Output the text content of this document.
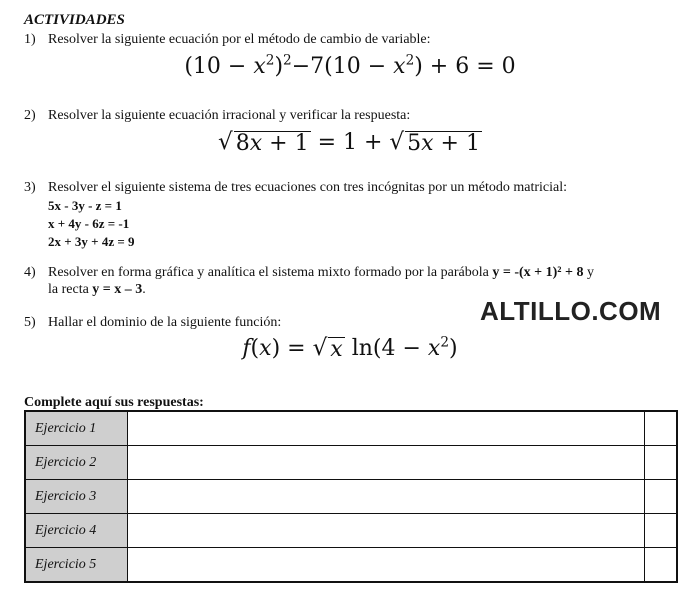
ACTIVIDADES
1) Resolver la siguiente ecuación por el método de cambio de variable:
$(10 - x^2)^2-7(10 - x^2) + 6 = 0$
2) Resolver la siguiente ecuación irracional y verificar la respuesta:
√ 8x + 1 = 1 + √ 5x + 1
3) Resolver el siguiente sistema de tres ecuaciones con tres incógnitas por un método matricial:
5x - 3y - z = 1
x + 4y - 6z = -1
2x + 3y + 4z = 9
4) Resolver en forma gráfica y analítica el sistema mixto formado por la parábola y = -(x + 1)² + 8 y
la recta y = x – 3.
5) Hallar el dominio de la siguiente función:
f(x) = √ x $\ln(4 - x^2)$
ALTILLO.COM
Complete aquí sus respuestas:
Ejercicio 1		
Ejercicio 2		
Ejercicio 3		
Ejercicio 4		
Ejercicio 5		
